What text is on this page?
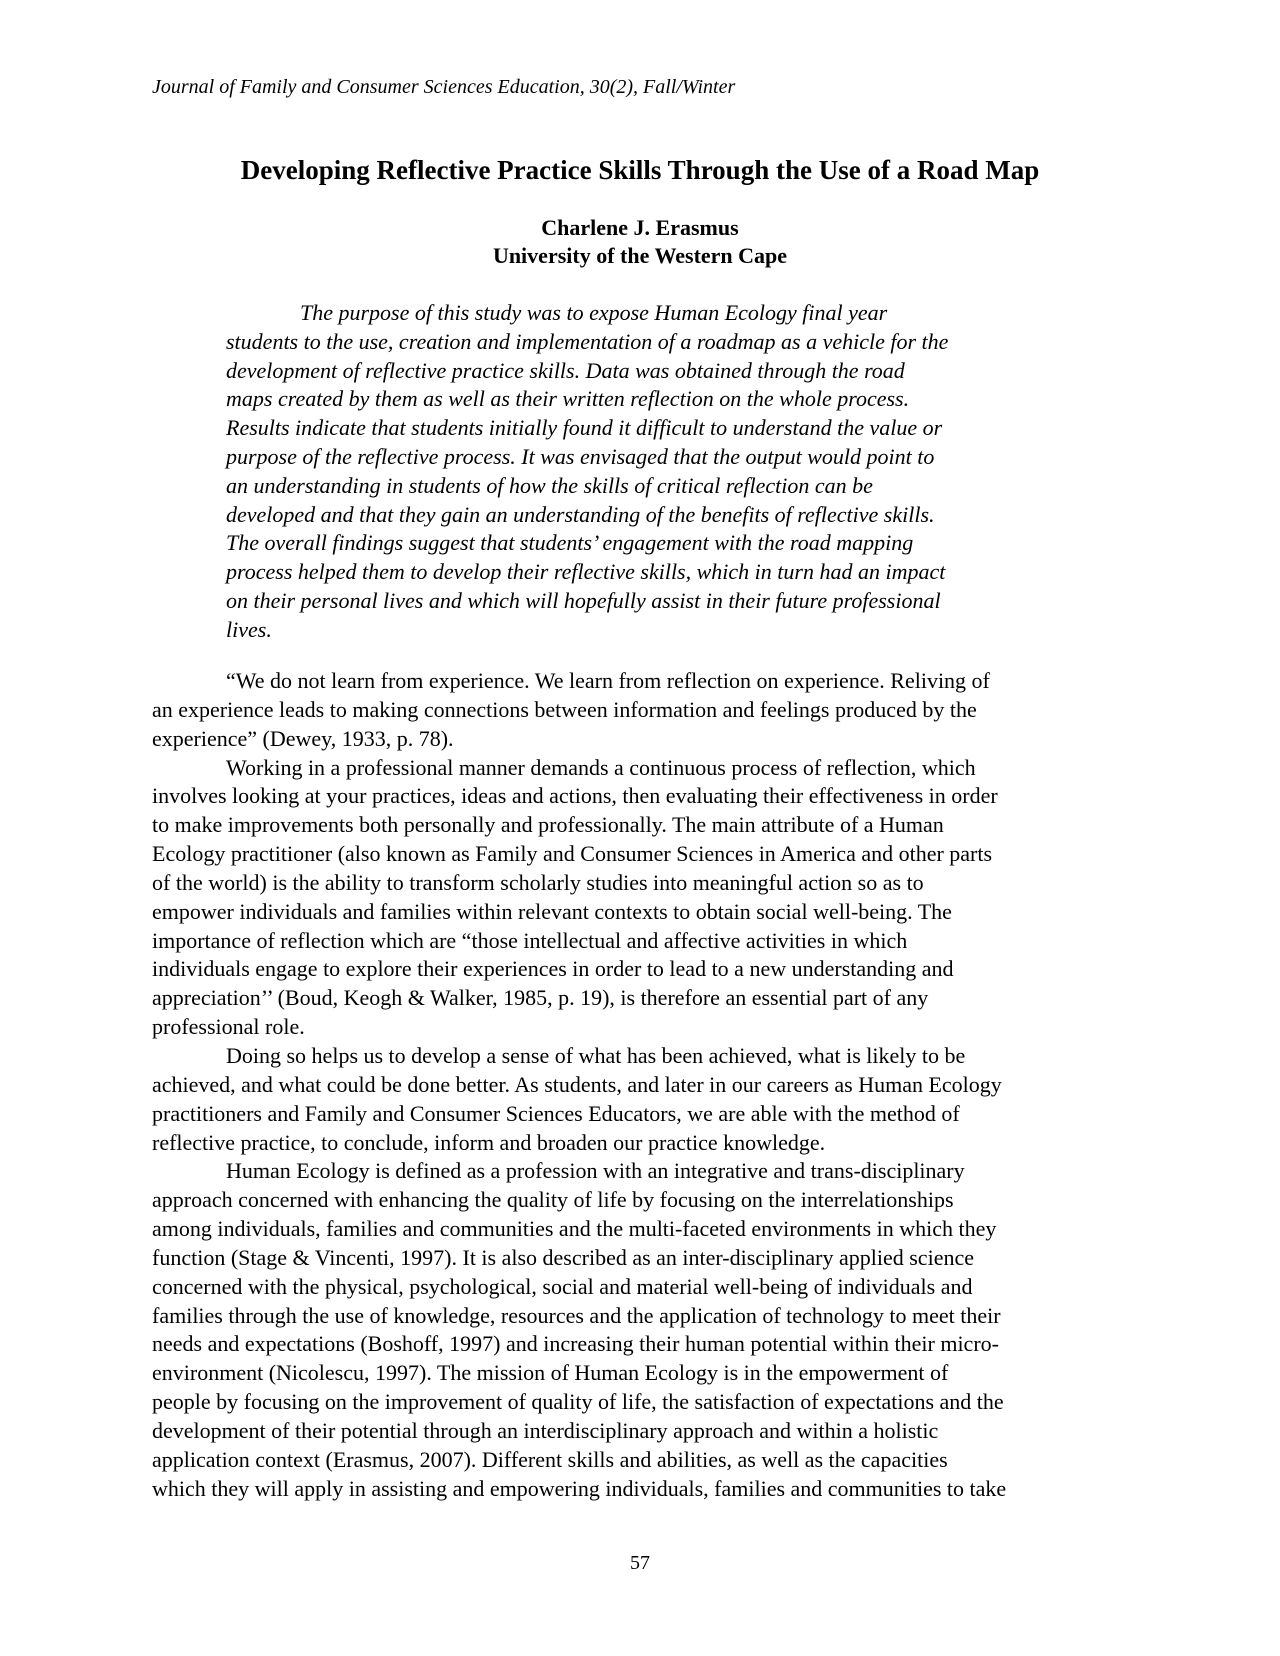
Journal of Family and Consumer Sciences Education, 30(2), Fall/Winter
Developing Reflective Practice Skills Through the Use of a Road Map
Charlene J. Erasmus
University of the Western Cape
The purpose of this study was to expose Human Ecology final year
students to the use, creation and implementation of a roadmap as a vehicle for the
development of reflective practice skills. Data was obtained through the road
maps created by them as well as their written reflection on the whole process.
Results indicate that students initially found it difficult to understand the value or
purpose of the reflective process. It was envisaged that the output would point to
an understanding in students of how the skills of critical reflection can be
developed and that they gain an understanding of the benefits of reflective skills.
The overall findings suggest that students’ engagement with the road mapping
process helped them to develop their reflective skills, which in turn had an impact
on their personal lives and which will hopefully assist in their future professional
lives.
“We do not learn from experience. We learn from reflection on experience. Reliving of
an experience leads to making connections between information and feelings produced by the
experience” (Dewey, 1933, p. 78).
Working in a professional manner demands a continuous process of reflection, which
involves looking at your practices, ideas and actions, then evaluating their effectiveness in order
to make improvements both personally and professionally. The main attribute of a Human
Ecology practitioner (also known as Family and Consumer Sciences in America and other parts
of the world) is the ability to transform scholarly studies into meaningful action so as to
empower individuals and families within relevant contexts to obtain social well-being. The
importance of reflection which are “those intellectual and affective activities in which
individuals engage to explore their experiences in order to lead to a new understanding and
appreciation’’ (Boud, Keogh & Walker, 1985, p. 19), is therefore an essential part of any
professional role.
Doing so helps us to develop a sense of what has been achieved, what is likely to be
achieved, and what could be done better. As students, and later in our careers as Human Ecology
practitioners and Family and Consumer Sciences Educators, we are able with the method of
reflective practice, to conclude, inform and broaden our practice knowledge.
Human Ecology is defined as a profession with an integrative and trans-disciplinary
approach concerned with enhancing the quality of life by focusing on the interrelationships
among individuals, families and communities and the multi-faceted environments in which they
function (Stage & Vincenti, 1997). It is also described as an inter-disciplinary applied science
concerned with the physical, psychological, social and material well-being of individuals and
families through the use of knowledge, resources and the application of technology to meet their
needs and expectations (Boshoff, 1997) and increasing their human potential within their micro-
environment (Nicolescu, 1997). The mission of Human Ecology is in the empowerment of
people by focusing on the improvement of quality of life, the satisfaction of expectations and the
development of their potential through an interdisciplinary approach and within a holistic
application context (Erasmus, 2007). Different skills and abilities, as well as the capacities
which they will apply in assisting and empowering individuals, families and communities to take
57
